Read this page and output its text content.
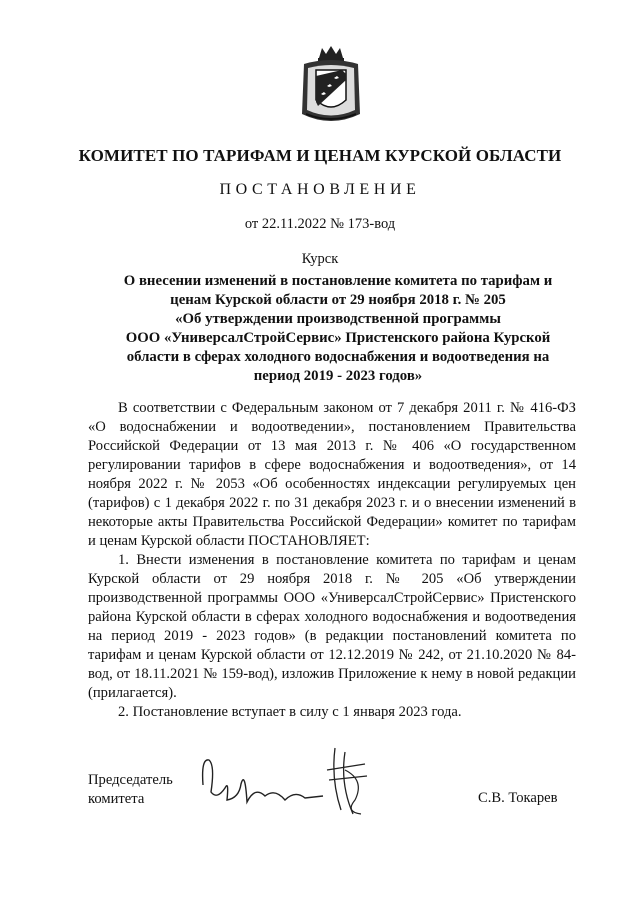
КОМИТЕТ ПО ТАРИФАМ И ЦЕНАМ КУРСКОЙ ОБЛАСТИ
ПОСТАНОВЛЕНИЕ
от 22.11.2022 № 173-вод
Курск
О внесении изменений в постановление комитета по тарифам и
ценам Курской области от 29 ноября 2018 г. № 205
«Об утверждении производственной программы
ООО «УниверсалСтройСервис» Пристенского района Курской
области в сферах холодного водоснабжения и водоотведения на
период 2019 - 2023 годов»

В соответствии с Федеральным законом от 7 декабря 2011 г. № 416-ФЗ «О водоснабжении и водоотведении», постановлением Правительства Российской Федерации от 13 мая 2013 г. № 406 «О государственном регулировании тарифов в сфере водоснабжения и водоотведения», от 14 ноября 2022 г. № 2053 «Об особенностях индексации регулируемых цен (тарифов) с 1 декабря 2022 г. по 31 декабря 2023 г. и о внесении изменений в некоторые акты Правительства Российской Федерации» комитет по тарифам и ценам Курской области ПОСТАНОВЛЯЕТ:

1. Внести изменения в постановление комитета по тарифам и ценам Курской области от 29 ноября 2018 г. № 205 «Об утверждении производственной программы ООО «УниверсалСтройСервис» Пристенского района Курской области в сферах холодного водоснабжения и водоотведения на период 2019 - 2023 годов» (в редакции постановлений комитета по тарифам и ценам Курской области от 12.12.2019 № 242, от 21.10.2020 № 84-вод, от 18.11.2021 № 159-вод), изложив Приложение к нему в новой редакции (прилагается).

2. Постановление вступает в силу с 1 января 2023 года.

Председатель
комитета	С.В. Токарев
